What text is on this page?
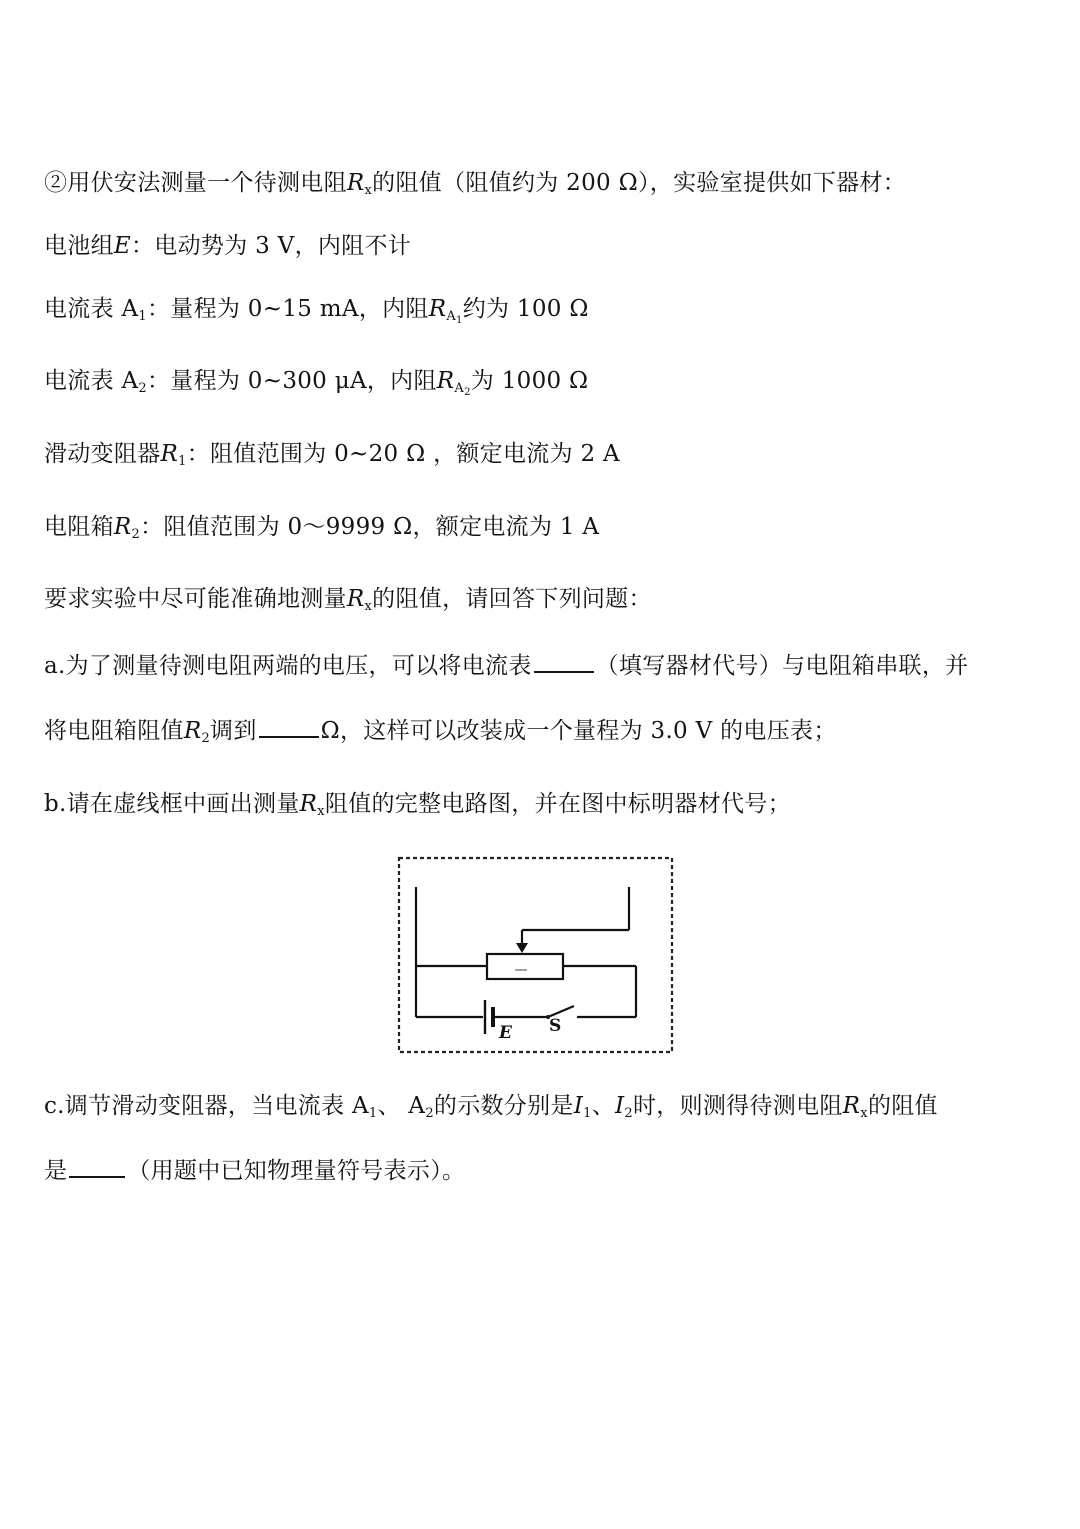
②用伏安法测量一个待测电阻$R_x$的阻值（阻值约为 200 Ω），实验室提供如下器材：
电池组E：电动势为 3 V，内阻不计
电流表 $A_1$：量程为 0~15 mA，内阻$R_{A_1}$约为 100 Ω
电流表 $A_2$：量程为 0~300 μA，内阻$R_{A_2}$为 1000 Ω
滑动变阻器$R_1$：阻值范围为 0~20 Ω ，额定电流为 2 A
电阻箱$R_2$：阻值范围为 0～9999 Ω，额定电流为 1 A
要求实验中尽可能准确地测量$R_x$的阻值，请回答下列问题：
a.为了测量待测电阻两端的电压，可以将电流表	（填写器材代号）与电阻箱串联，并
将电阻箱阻值$R_2$调到	Ω，这样可以改装成一个量程为 3.0 V 的电压表；
b.请在虚线框中画出测量$R_x$阻值的完整电路图，并在图中标明器材代号；
E S
c.调节滑动变阻器，当电流表 $A_1$、 $A_2$的示数分别是$I_1$、$I_2$时，则测得待测电阻$R_x$的阻值
是	（用题中已知物理量符号表示）。
